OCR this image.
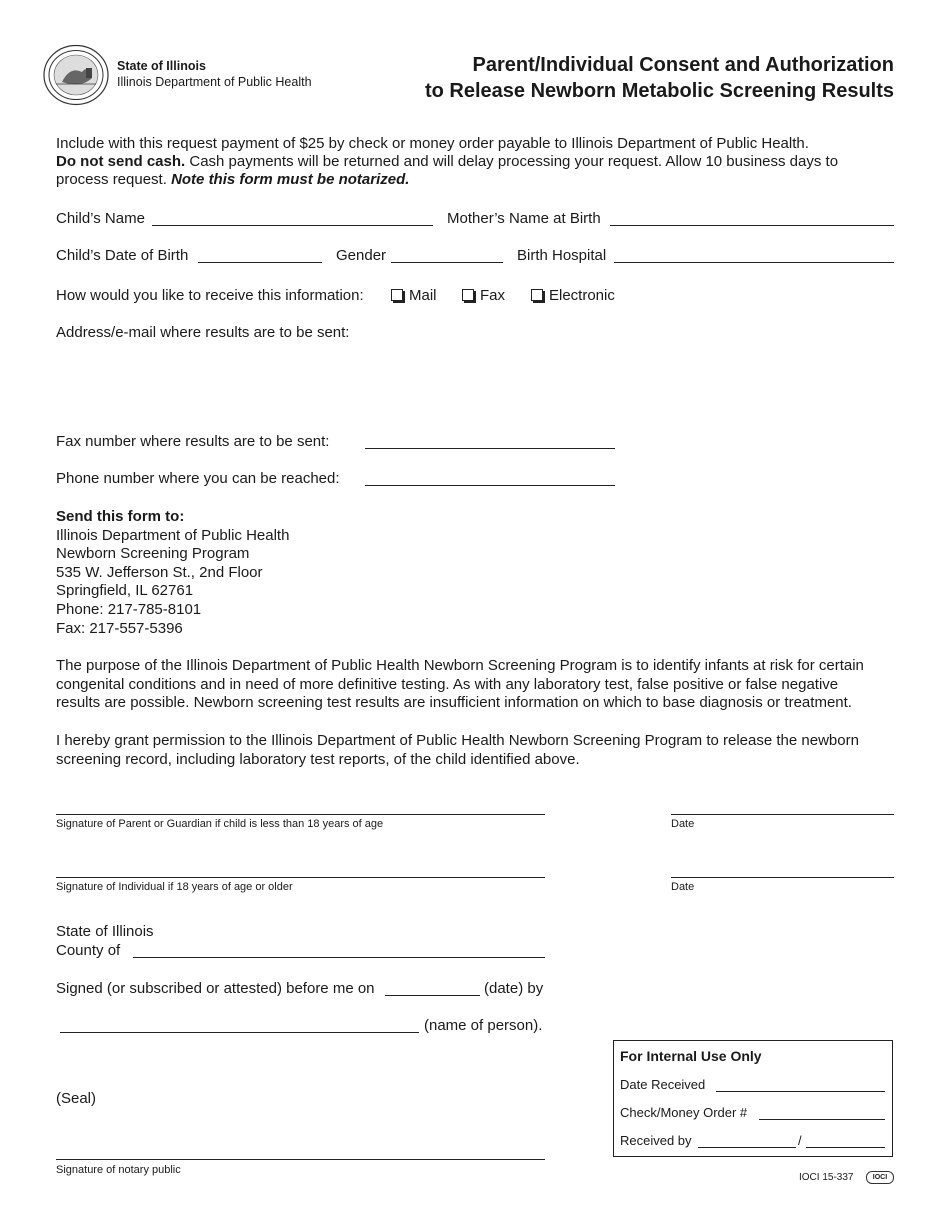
State of Illinois
Illinois Department of Public Health
Parent/Individual Consent and Authorization
to Release Newborn Metabolic Screening Results
Include with this request payment of $25 by check or money order payable to Illinois Department of Public Health.
Do not send cash. Cash payments will be returned and will delay processing your request. Allow 10 business days to
process request. Note this form must be notarized.
Child’s Name	Mother’s Name at Birth
Child’s Date of Birth	Gender	Birth Hospital
How would you like to receive this information:	Mail	Fax	Electronic
Address/e-mail where results are to be sent:
Fax number where results are to be sent:
Phone number where you can be reached:
Send this form to:
Illinois Department of Public Health
Newborn Screening Program
535 W. Jefferson St., 2nd Floor
Springfield, IL 62761
Phone: 217-785-8101
Fax: 217-557-5396
The purpose of the Illinois Department of Public Health Newborn Screening Program is to identify infants at risk for certain
congenital conditions and in need of more definitive testing. As with any laboratory test, false positive or false negative
results are possible. Newborn screening test results are insufficient information on which to base diagnosis or treatment.
I hereby grant permission to the Illinois Department of Public Health Newborn Screening Program to release the newborn
screening record, including laboratory test reports, of the child identified above.
Signature of Parent or Guardian if child is less than 18 years of age	Date
Signature of Individual if 18 years of age or older	Date
State of Illinois
County of
Signed (or subscribed or attested) before me on	(date) by
(name of person).
(Seal)
Signature of notary public
For Internal Use Only
Date Received
Check/Money Order #
Received by	/
IOCI 15-337	IOCI
